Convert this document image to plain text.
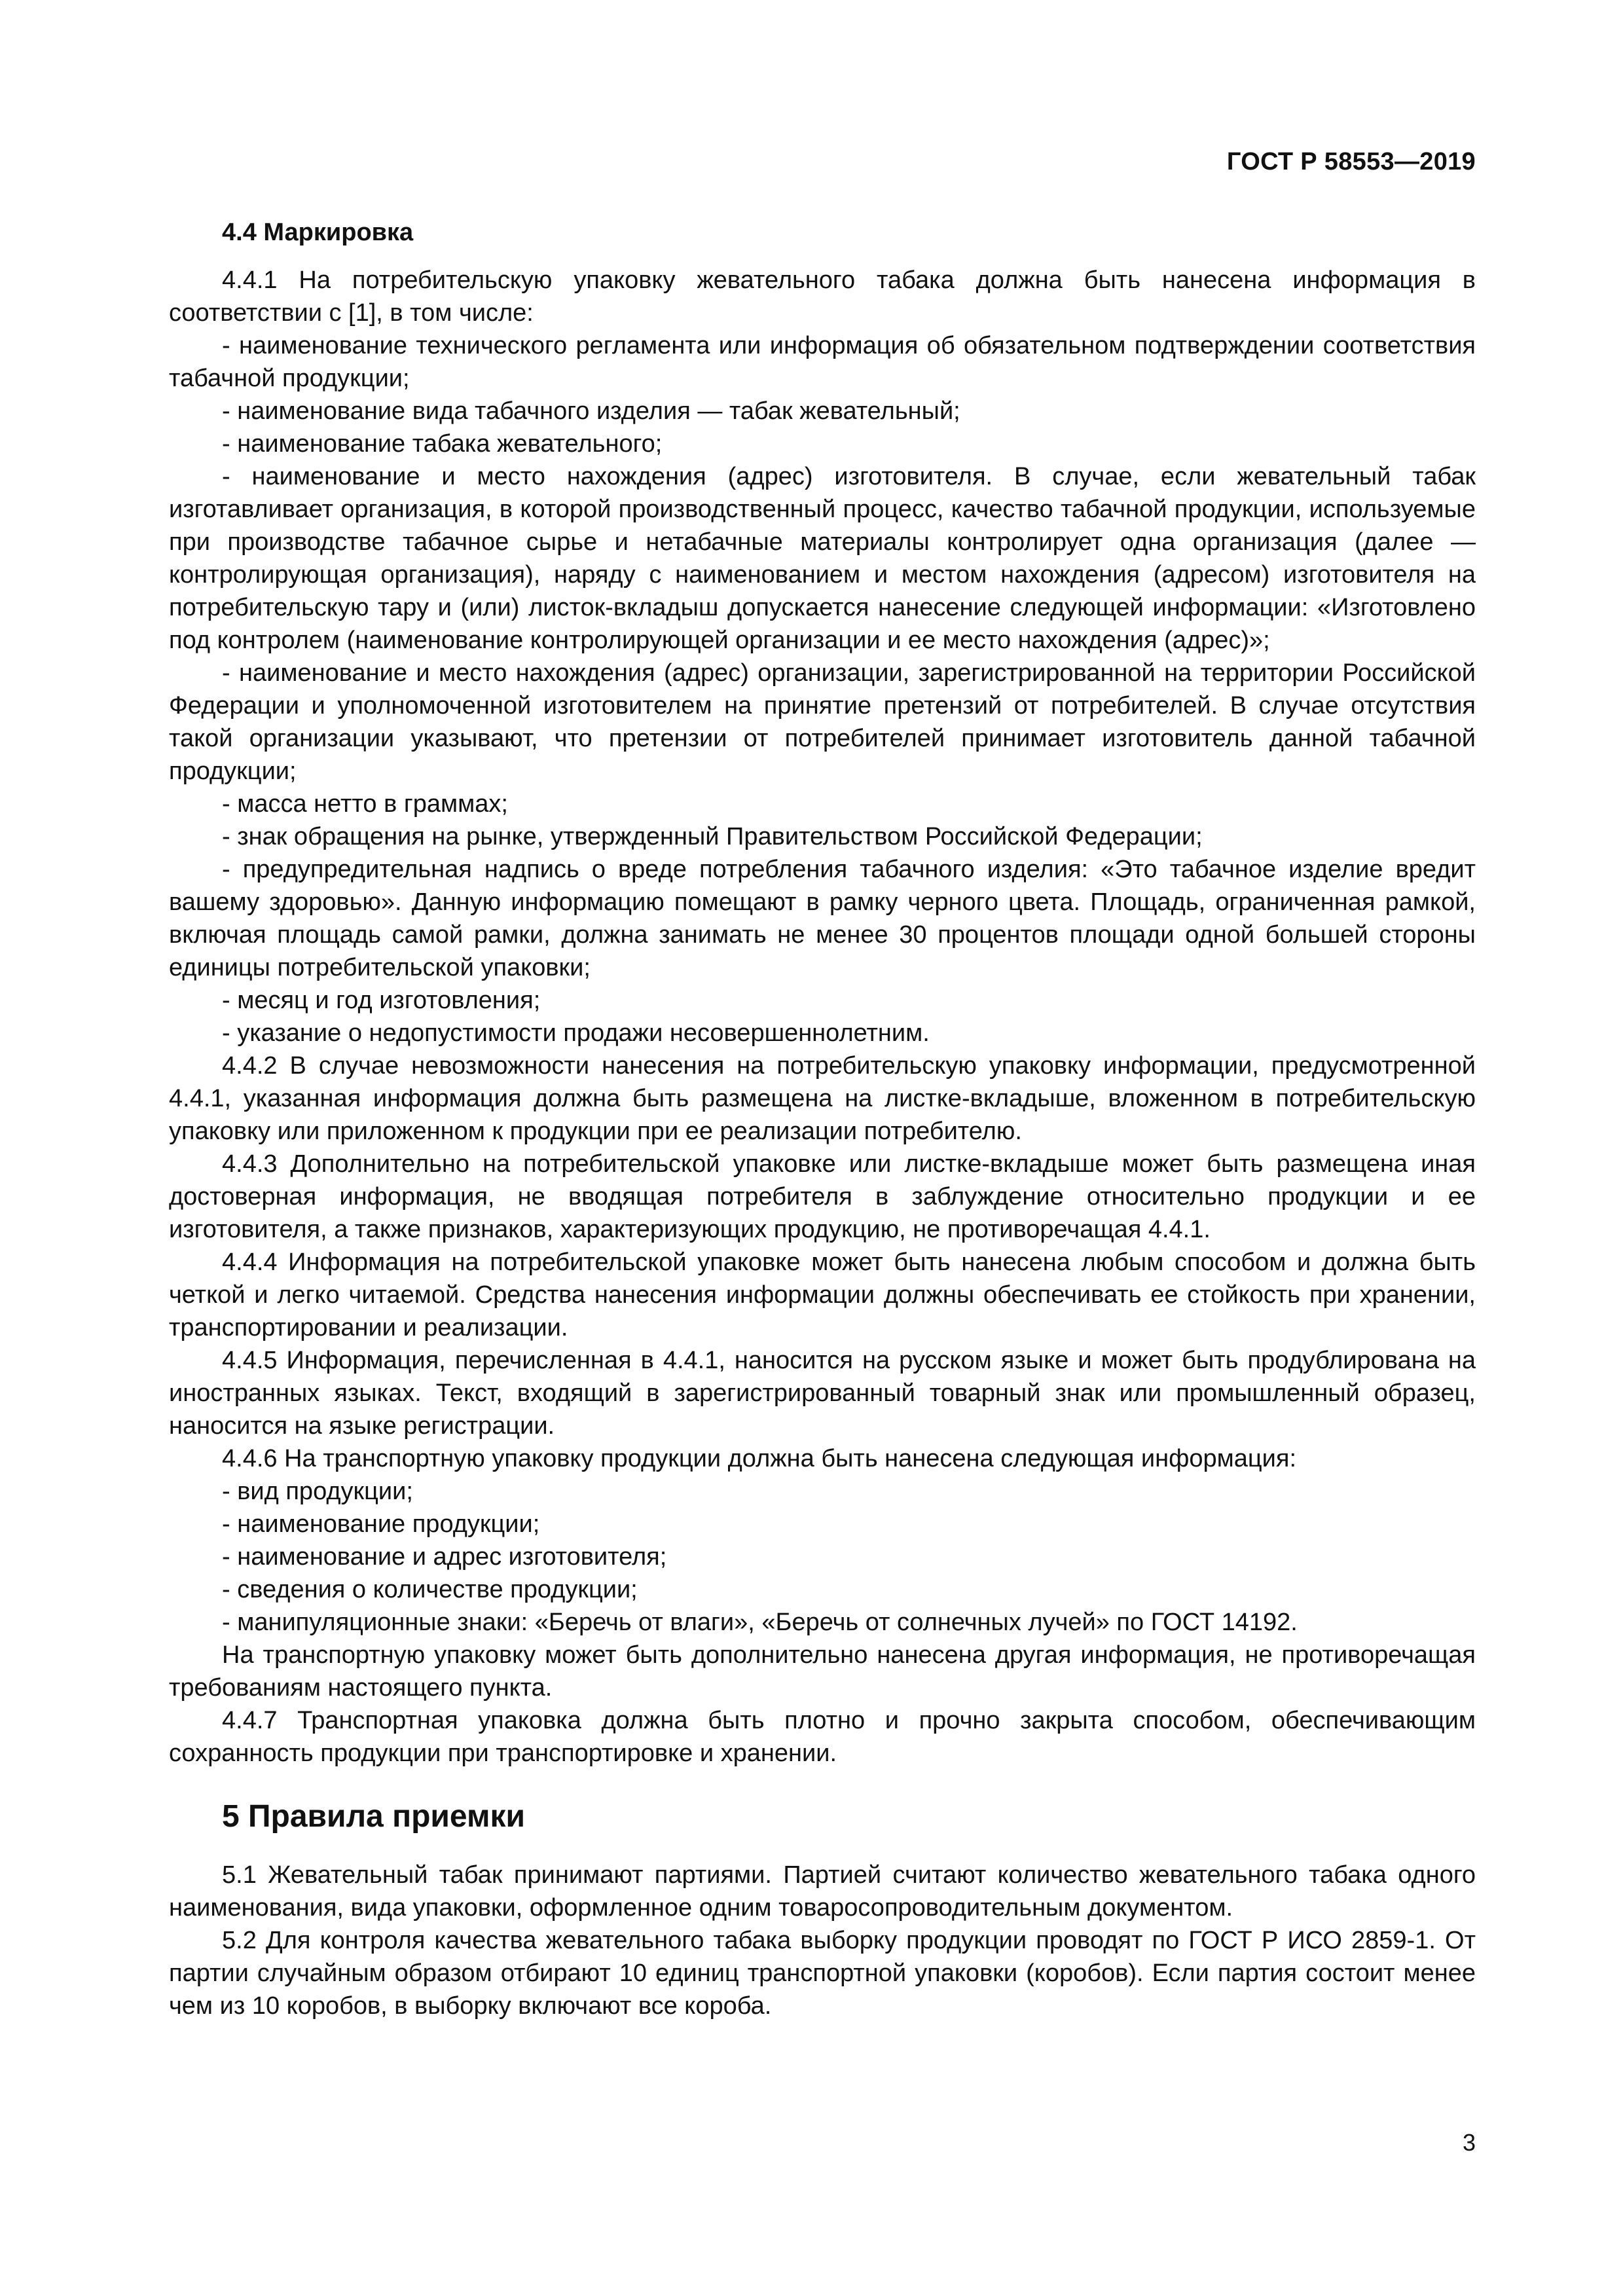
ГОСТ Р 58553—2019

4.4 Маркировка

4.4.1 На потребительскую упаковку жевательного табака должна быть нанесена информация в соответствии с [1], в том числе:

- наименование технического регламента или информация об обязательном подтверждении соответствия табачной продукции;

- наименование вида табачного изделия — табак жевательный;

- наименование табака жевательного;

- наименование и место нахождения (адрес) изготовителя. В случае, если жевательный табак изготавливает организация, в которой производственный процесс, качество табачной продукции, используемые при производстве табачное сырье и нетабачные материалы контролирует одна организация (далее — контролирующая организация), наряду с наименованием и местом нахождения (адресом) изготовителя на потребительскую тару и (или) листок-вкладыш допускается нанесение следующей информации: «Изготовлено под контролем (наименование контролирующей организации и ее место нахождения (адрес)»;

- наименование и место нахождения (адрес) организации, зарегистрированной на территории Российской Федерации и уполномоченной изготовителем на принятие претензий от потребителей. В случае отсутствия такой организации указывают, что претензии от потребителей принимает изготовитель данной табачной продукции;

- масса нетто в граммах;

- знак обращения на рынке, утвержденный Правительством Российской Федерации;

- предупредительная надпись о вреде потребления табачного изделия: «Это табачное изделие вредит вашему здоровью». Данную информацию помещают в рамку черного цвета. Площадь, ограниченная рамкой, включая площадь самой рамки, должна занимать не менее 30 процентов площади одной большей стороны единицы потребительской упаковки;

- месяц и год изготовления;

- указание о недопустимости продажи несовершеннолетним.

4.4.2 В случае невозможности нанесения на потребительскую упаковку информации, предусмотренной 4.4.1, указанная информация должна быть размещена на листке-вкладыше, вложенном в потребительскую упаковку или приложенном к продукции при ее реализации потребителю.

4.4.3 Дополнительно на потребительской упаковке или листке-вкладыше может быть размещена иная достоверная информация, не вводящая потребителя в заблуждение относительно продукции и ее изготовителя, а также признаков, характеризующих продукцию, не противоречащая 4.4.1.

4.4.4 Информация на потребительской упаковке может быть нанесена любым способом и должна быть четкой и легко читаемой. Средства нанесения информации должны обеспечивать ее стойкость при хранении, транспортировании и реализации.

4.4.5 Информация, перечисленная в 4.4.1, наносится на русском языке и может быть продублирована на иностранных языках. Текст, входящий в зарегистрированный товарный знак или промышленный образец, наносится на языке регистрации.

4.4.6 На транспортную упаковку продукции должна быть нанесена следующая информация:

- вид продукции;

- наименование продукции;

- наименование и адрес изготовителя;

- сведения о количестве продукции;

- манипуляционные знаки: «Беречь от влаги», «Беречь от солнечных лучей» по ГОСТ 14192.

На транспортную упаковку может быть дополнительно нанесена другая информация, не противоречащая требованиям настоящего пункта.

4.4.7 Транспортная упаковка должна быть плотно и прочно закрыта способом, обеспечивающим сохранность продукции при транспортировке и хранении.

5 Правила приемки

5.1 Жевательный табак принимают партиями. Партией считают количество жевательного табака одного наименования, вида упаковки, оформленное одним товаросопроводительным документом.

5.2 Для контроля качества жевательного табака выборку продукции проводят по ГОСТ Р ИСО 2859-1. От партии случайным образом отбирают 10 единиц транспортной упаковки (коробов). Если партия состоит менее чем из 10 коробов, в выборку включают все короба.

3
